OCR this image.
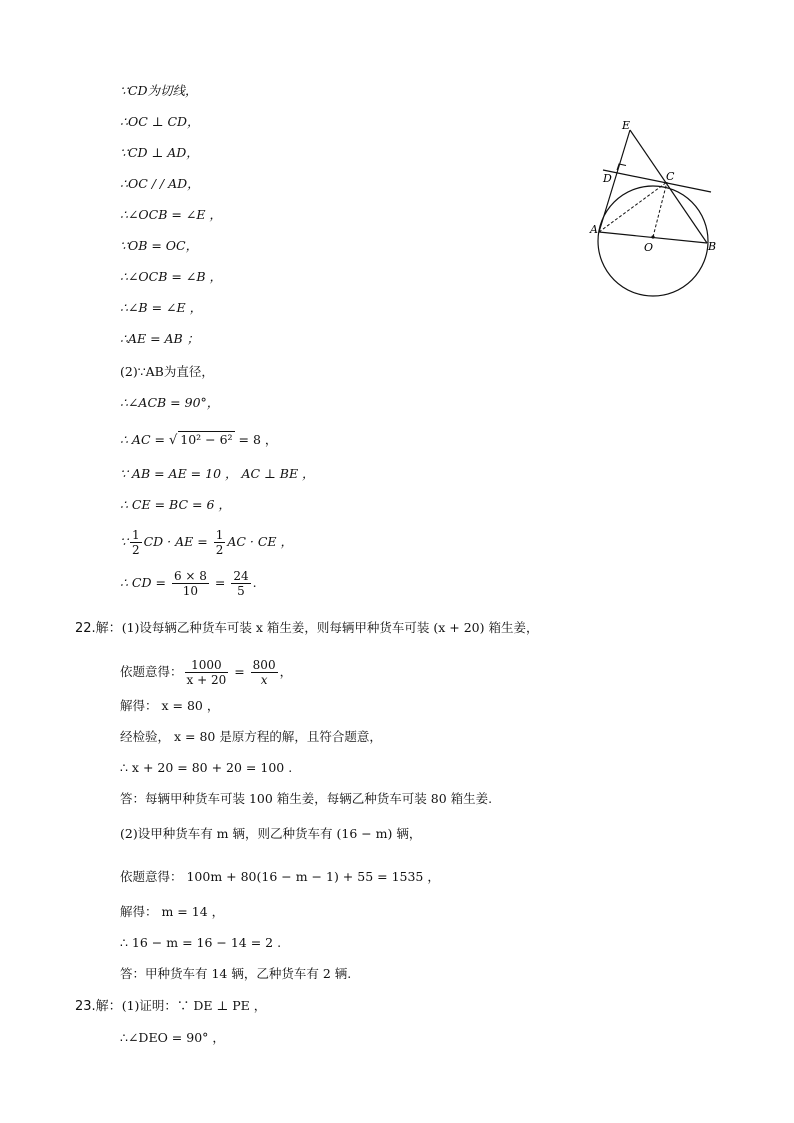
∵CD为切线，
∴OC ⊥ CD，
∵CD ⊥ AD，
∴OC / / AD，
∴∠OCB = ∠E ，
∵OB = OC，
∴∠OCB = ∠B ，
∴∠B = ∠E ，
∴AE = AB ；
(2)∵AB为直径，
∴∠ACB = 90°，
∴ AC = √ 10² − 6² = 8 ，
∵ AB = AE = 10 ， AC ⊥ BE ，
∴ CE = BC = 6 ，
∵ $\frac{1}{2}$ CD · AE = $\frac{1}{2}$ AC · CE ，
∴ CD = $\frac{6 \times 8}{10} = \frac{24}{5}$ .
22.解：(1)设每辆乙种货车可装 x 箱生姜，则每辆甲种货车可装 (x + 20) 箱生姜，
依题意得： $\frac{1000}{x + 20} = \frac{800}{x}$ ，
解得： x = 80 ，
经检验， x = 80 是原方程的解，且符合题意，
∴ x + 20 = 80 + 20 = 100 .
答：每辆甲种货车可装 100 箱生姜，每辆乙种货车可装 80 箱生姜.
(2)设甲种货车有 m 辆，则乙种货车有 (16 − m) 辆，
依题意得： 100m + 80(16 − m − 1) + 55 = 1535 ，
解得： m = 14 ，
∴ 16 − m = 16 − 14 = 2 .
答：甲种货车有 14 辆，乙种货车有 2 辆.
23.解：(1)证明：∵ DE ⊥ PE ，
∴∠DEO = 90° ，
E
D	C
A
O	B
